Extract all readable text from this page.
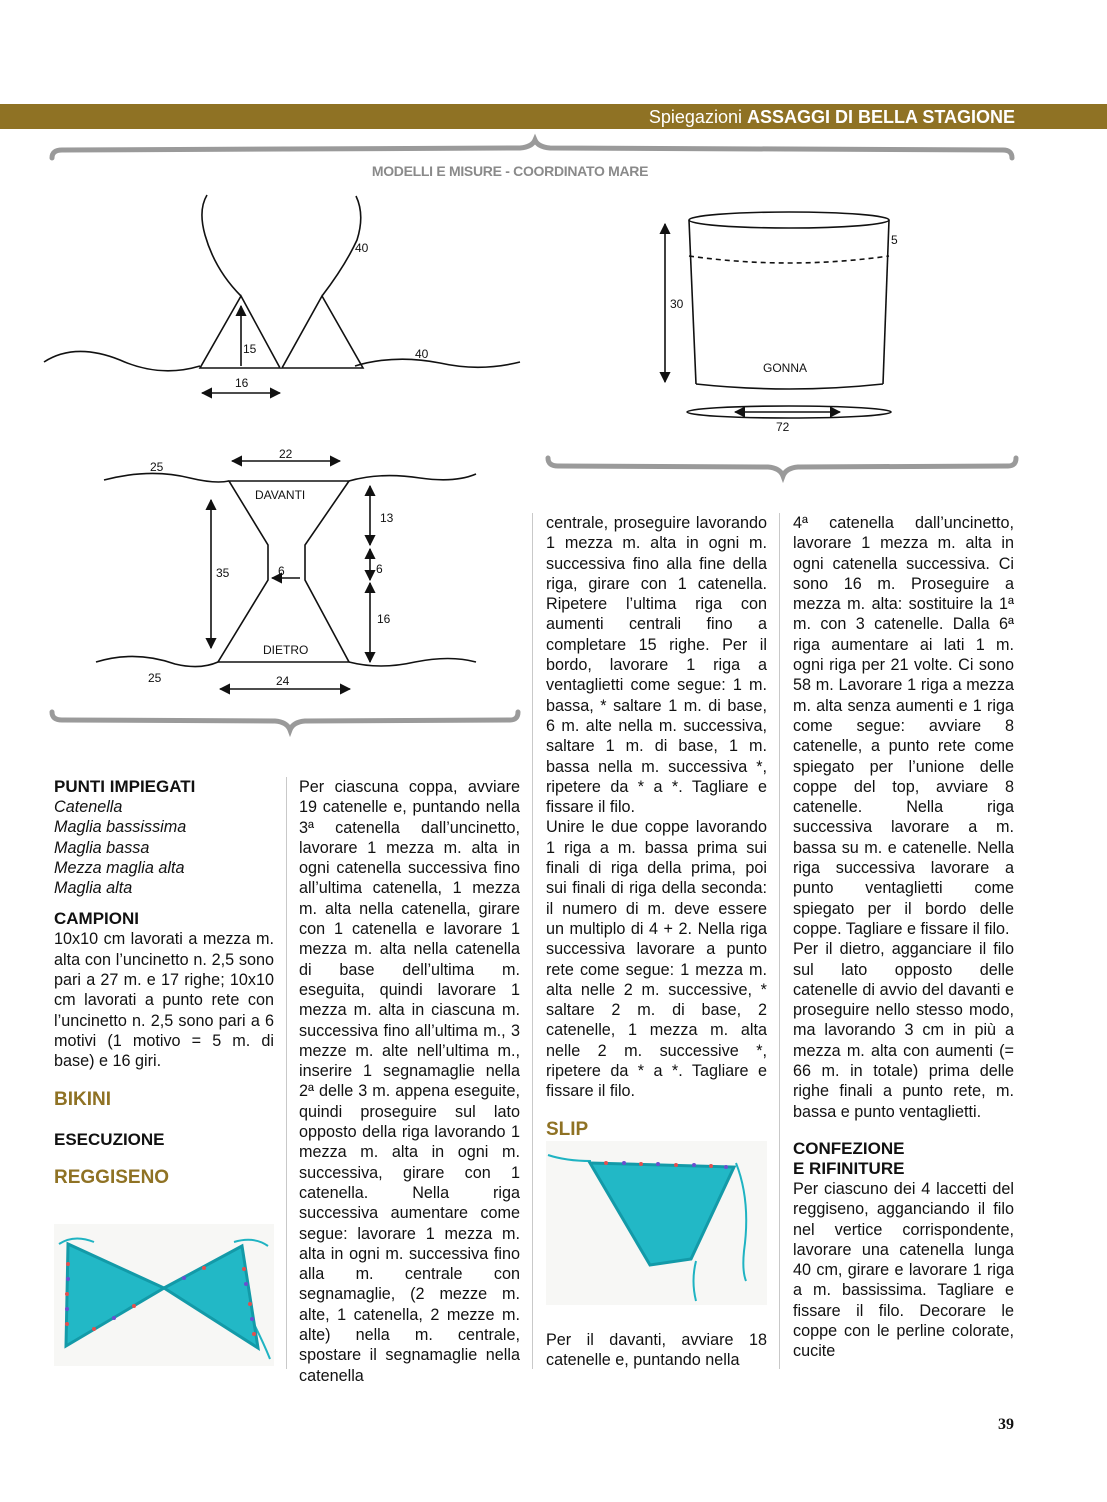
Spiegazioni ASSAGGI DI BELLA STAGIONE
MODELLI E MISURE - COORDINATO MARE
40
40
15
16
5
30
GONNA
72
22
25
DAVANTI
13
35	6	6
16
DIETRO
25	24

PUNTI IMPIEGATI

Catenella

Maglia bassissima

Maglia bassa

Mezza maglia alta

Maglia alta

CAMPIONI

10x10 cm lavorati a mezza m. alta con l’uncinetto n. 2,5 sono pari a 27 m. e 17 righe; 10x10 cm lavorati a punto rete con l’uncinetto n. 2,5 sono pari a 6 motivi (1 motivo = 5 m. di base) e 16 giri.

BIKINI

ESECUZIONE

REGGISENO

Per ciascuna coppa, avviare 19 catenelle e, puntando nella 3ª catenella dall’uncinetto, lavorare 1 mezza m. alta in ogni catenella successiva fino all’ultima catenella, 1 mezza m. alta nella catenella, girare con 1 catenella e lavorare 1 mezza m. alta nella catenella di base dell’ultima m. eseguita, quindi lavorare 1 mezza m. alta in ciascuna m. successiva fino all’ultima m., 3 mezze m. alte nell’ultima m., inserire 1 segnamaglie nella 2ª delle 3 m. appena eseguite, quindi proseguire sul lato opposto della riga lavorando 1 mezza m. alta in ogni m. successiva, girare con 1 catenella. Nella riga successiva aumentare come segue: lavorare 1 mezza m. alta in ogni m. successiva fino alla m. centrale con segnamaglie, (2 mezze m. alte, 1 catenella, 2 mezze m. alte) nella m. centrale, spostare il segnamaglie nella catenella

centrale, proseguire lavorando 1 mezza m. alta in ogni m. successiva fino alla fine della riga, girare con 1 catenella. Ripetere l’ultima riga con aumenti centrali fino a completare 15 righe. Per il bordo, lavorare 1 riga a ventaglietti come segue: 1 m. bassa, * saltare 1 m. di base, 6 m. alte nella m. successiva, saltare 1 m. di base, 1 m. bassa nella m. successiva *, ripetere da * a *. Tagliare e fissare il filo.

Unire le due coppe lavorando 1 riga a m. bassa prima sui finali di riga della prima, poi sui finali di riga della seconda: il numero di m. deve essere un multiplo di 4 + 2. Nella riga successiva lavorare a punto rete come segue: 1 mezza m. alta nelle 2 m. successive, * saltare 2 m. di base, 2 catenelle, 1 mezza m. alta nelle 2 m. successive *, ripetere da * a *. Tagliare e fissare il filo.

SLIP

Per il davanti, avviare 18 catenelle e, puntando nella

4ª catenella dall’uncinetto, lavorare 1 mezza m. alta in ogni catenella successiva. Ci sono 16 m. Proseguire a mezza m. alta: sostituire la 1ª m. con 3 catenelle. Dalla 6ª riga aumentare ai lati 1 m. ogni riga per 21 volte. Ci sono 58 m. Lavorare 1 riga a mezza m. alta senza aumenti e 1 riga come segue: avviare 8 catenelle, a punto rete come spiegato per l’unione delle coppe del top, avviare 8 catenelle. Nella riga successiva lavorare a m. bassa su m. e catenelle. Nella riga successiva lavorare a punto ventaglietti come spiegato per il bordo delle coppe. Tagliare e fissare il filo.

Per il dietro, agganciare il filo sul lato opposto delle catenelle di avvio del davanti e proseguire nello stesso modo, ma lavorando 3 cm in più a mezza m. alta con aumenti (= 66 m. in totale) prima delle righe finali a punto rete, m. bassa e punto ventaglietti.

CONFEZIONE

E RIFINITURE

Per ciascuno dei 4 laccetti del reggiseno, agganciando il filo nel vertice corrispondente, lavorare una catenella lunga 40 cm, girare e lavorare 1 riga a m. bassissima. Tagliare e fissare il filo. Decorare le coppe con le perline colorate, cucite

39
